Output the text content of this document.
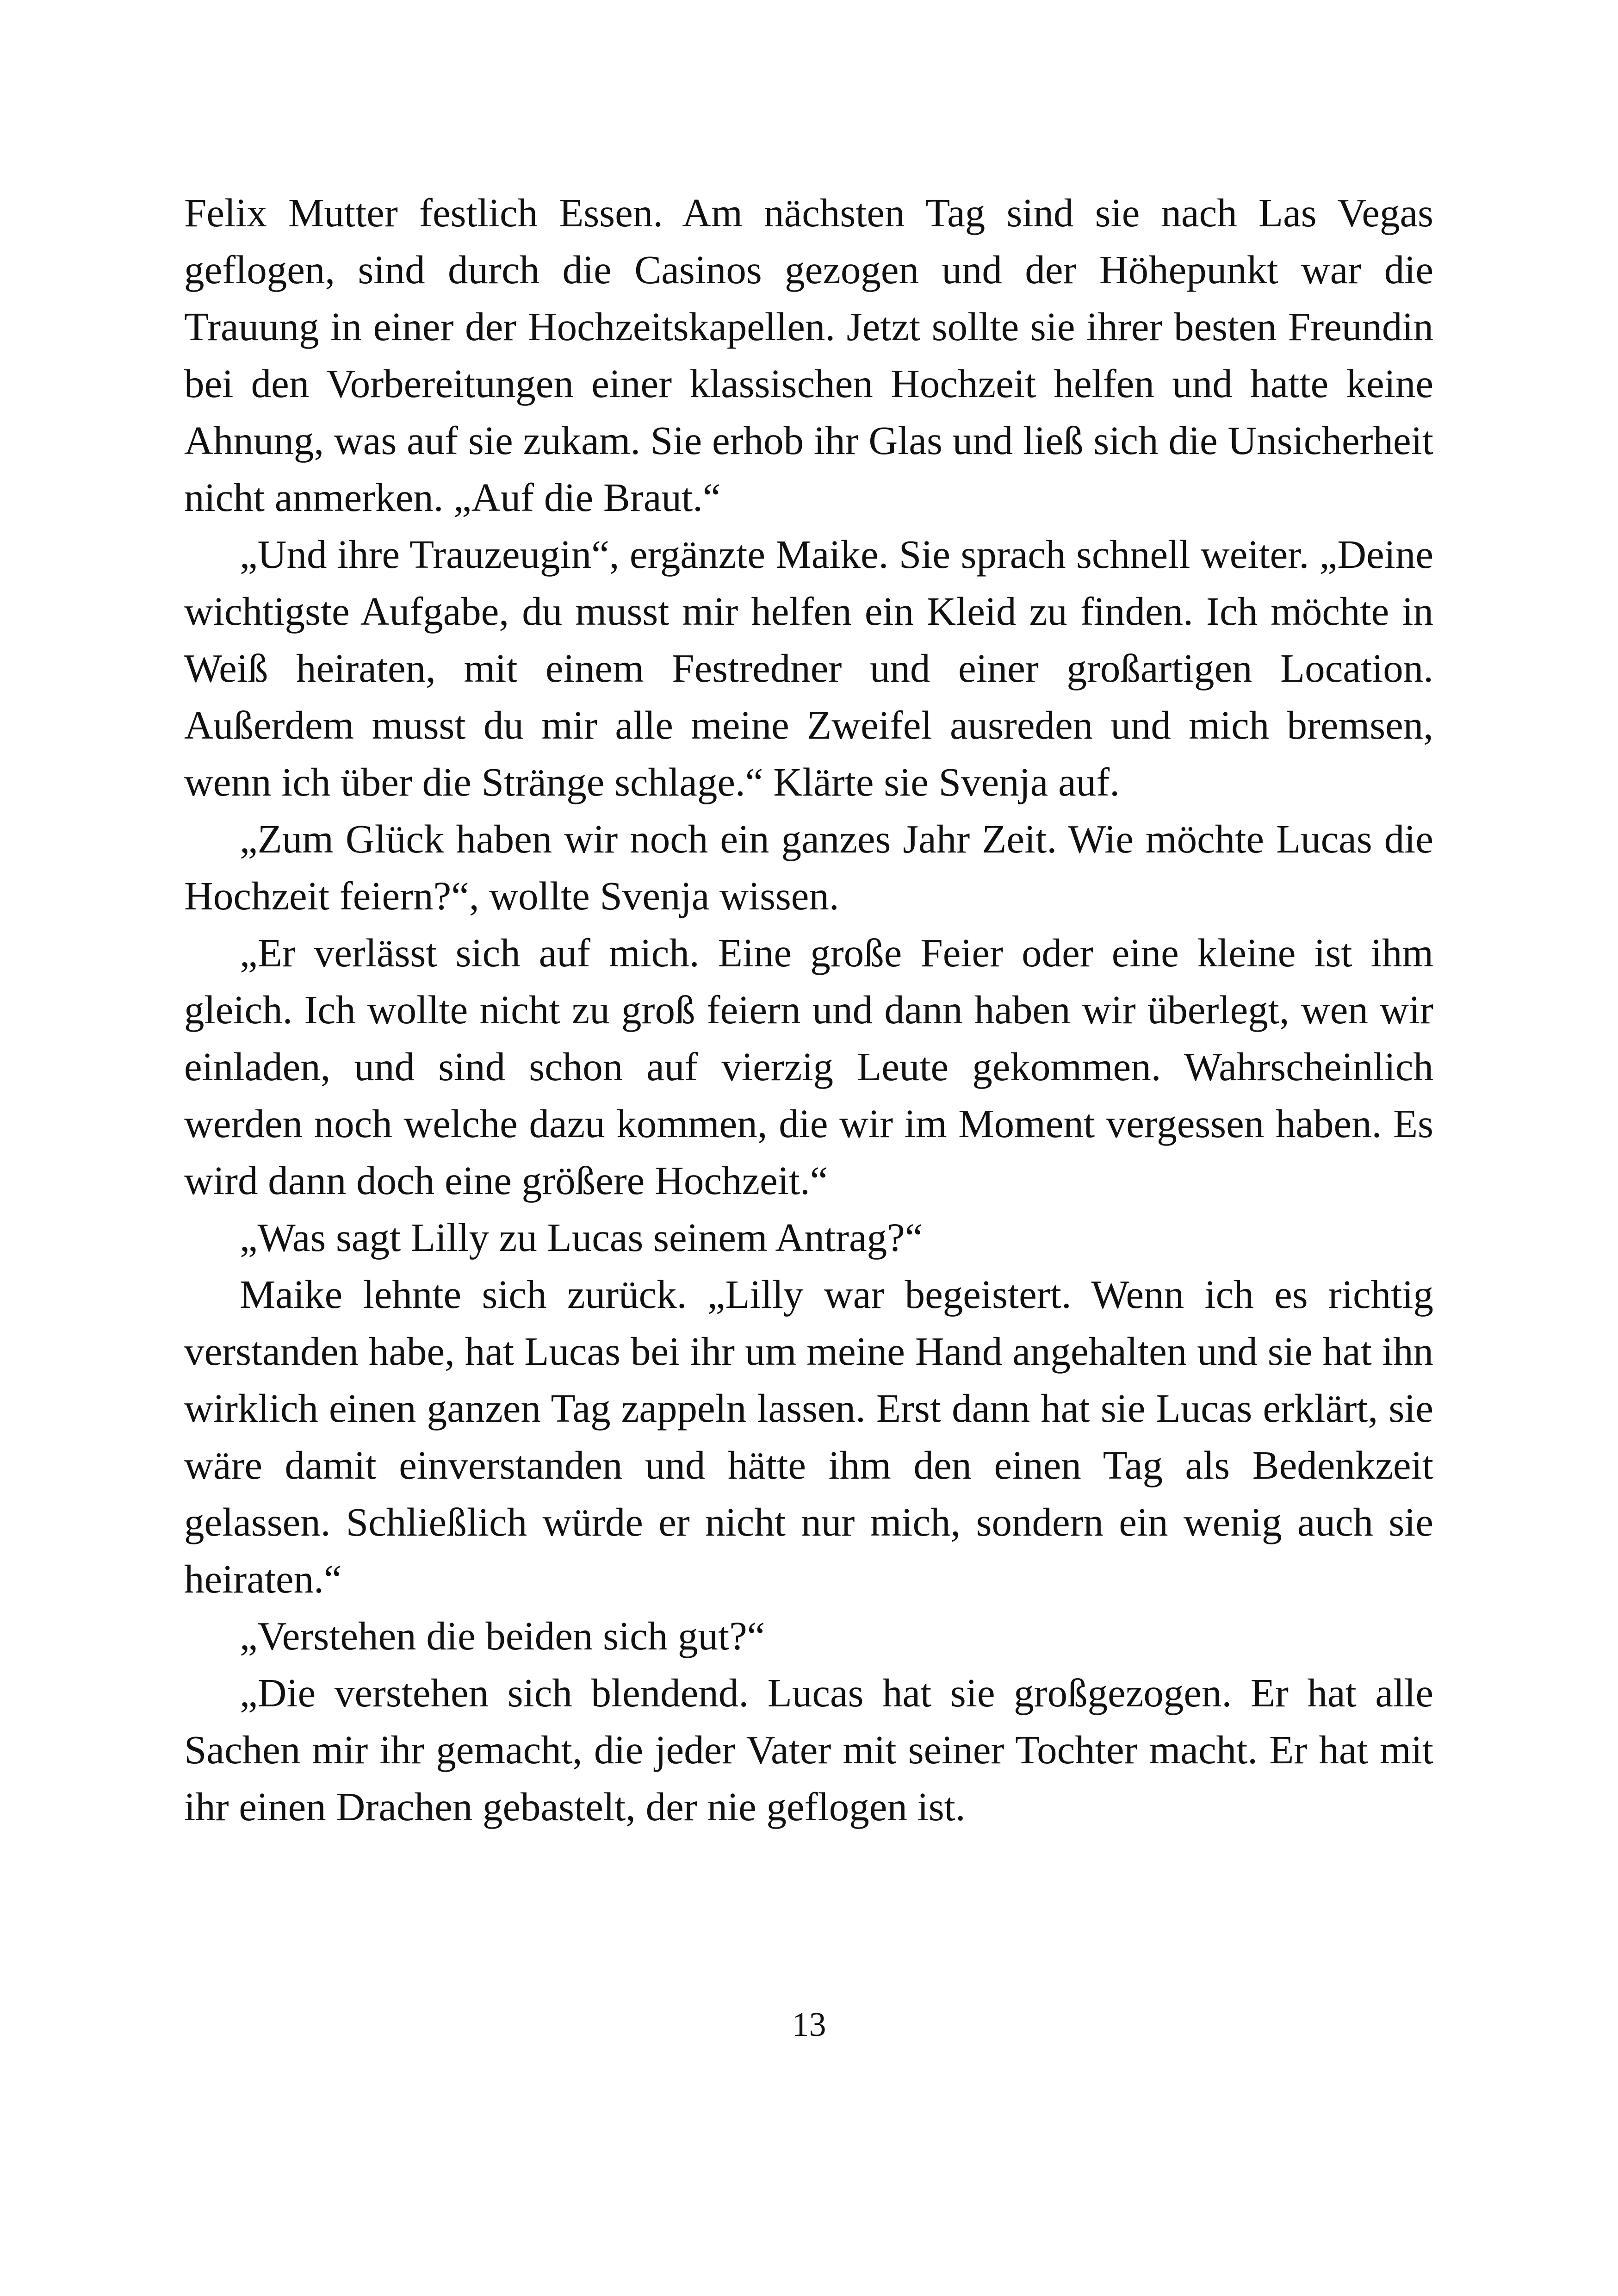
Felix Mutter festlich Essen. Am nächsten Tag sind sie nach Las Vegas geflogen, sind durch die Casinos gezogen und der Höhepunkt war die Trauung in einer der Hochzeitskapellen. Jetzt sollte sie ihrer besten Freundin bei den Vorbereitungen einer klassischen Hochzeit helfen und hatte keine Ahnung, was auf sie zukam. Sie erhob ihr Glas und ließ sich die Unsicherheit nicht anmerken. „Auf die Braut.“

„Und ihre Trauzeugin“, ergänzte Maike. Sie sprach schnell weiter. „Deine wichtigste Aufgabe, du musst mir helfen ein Kleid zu finden. Ich möchte in Weiß heiraten, mit einem Festredner und einer großartigen Location. Außerdem musst du mir alle meine Zweifel ausreden und mich bremsen, wenn ich über die Stränge schlage.“ Klärte sie Svenja auf.

„Zum Glück haben wir noch ein ganzes Jahr Zeit. Wie möchte Lucas die Hochzeit feiern?“, wollte Svenja wissen.

„Er verlässt sich auf mich. Eine große Feier oder eine kleine ist ihm gleich. Ich wollte nicht zu groß feiern und dann haben wir überlegt, wen wir einladen, und sind schon auf vierzig Leute gekommen. Wahrscheinlich werden noch welche dazu kommen, die wir im Moment vergessen haben. Es wird dann doch eine größere Hochzeit.“

„Was sagt Lilly zu Lucas seinem Antrag?“

Maike lehnte sich zurück. „Lilly war begeistert. Wenn ich es richtig verstanden habe, hat Lucas bei ihr um meine Hand angehalten und sie hat ihn wirklich einen ganzen Tag zappeln lassen. Erst dann hat sie Lucas erklärt, sie wäre damit einverstanden und hätte ihm den einen Tag als Bedenkzeit gelassen. Schließlich würde er nicht nur mich, sondern ein wenig auch sie heiraten.“

„Verstehen die beiden sich gut?“

„Die verstehen sich blendend. Lucas hat sie großgezogen. Er hat alle Sachen mir ihr gemacht, die jeder Vater mit seiner Tochter macht. Er hat mit ihr einen Drachen gebastelt, der nie geflogen ist.

13
